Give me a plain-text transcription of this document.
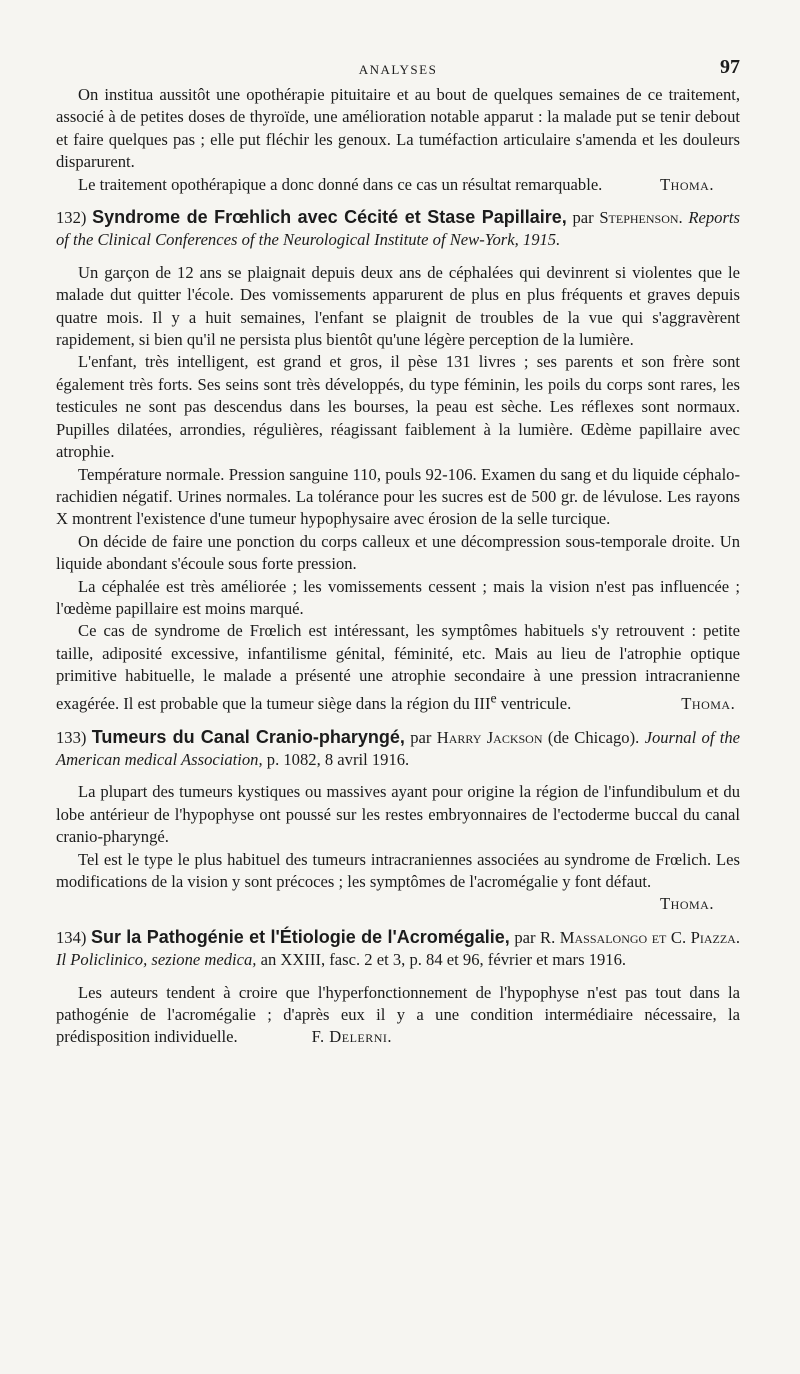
ANALYSES	97

On institua aussitôt une opothérapie pituitaire et au bout de quelques semaines de ce traitement, associé à de petites doses de thyroïde, une amélioration notable apparut : la malade put se tenir debout et faire quelques pas ; elle put fléchir les genoux. La tuméfaction articulaire s'amenda et les douleurs disparurent.

Le traitement opothérapique a donc donné dans ce cas un résultat remarquable.	Thoma.

132) Syndrome de Frœhlich avec Cécité et Stase Papillaire, par Stephenson. Reports of the Clinical Conferences of the Neurological Institute of New-York, 1915.

Un garçon de 12 ans se plaignait depuis deux ans de céphalées qui devinrent si violentes que le malade dut quitter l'école. Des vomissements apparurent de plus en plus fréquents et graves depuis quatre mois. Il y a huit semaines, l'enfant se plaignit de troubles de la vue qui s'aggravèrent rapidement, si bien qu'il ne persista plus bientôt qu'une légère perception de la lumière.

L'enfant, très intelligent, est grand et gros, il pèse 131 livres ; ses parents et son frère sont également très forts. Ses seins sont très développés, du type féminin, les poils du corps sont rares, les testicules ne sont pas descendus dans les bourses, la peau est sèche. Les réflexes sont normaux. Pupilles dilatées, arrondies, régulières, réagissant faiblement à la lumière. Œdème papillaire avec atrophie.

Température normale. Pression sanguine 110, pouls 92-106. Examen du sang et du liquide céphalo-rachidien négatif. Urines normales. La tolérance pour les sucres est de 500 gr. de lévulose. Les rayons X montrent l'existence d'une tumeur hypophysaire avec érosion de la selle turcique.

On décide de faire une ponction du corps calleux et une décompression sous-temporale droite. Un liquide abondant s'écoule sous forte pression.

La céphalée est très améliorée ; les vomissements cessent ; mais la vision n'est pas influencée ; l'œdème papillaire est moins marqué.

Ce cas de syndrome de Frœlich est intéressant, les symptômes habituels s'y retrouvent : petite taille, adiposité excessive, infantilisme génital, féminité, etc. Mais au lieu de l'atrophie optique primitive habituelle, le malade a présenté une atrophie secondaire à une pression intracranienne exagérée. Il est probable que la tumeur siège dans la région du IIIe ventricule.	Thoma.

133) Tumeurs du Canal Cranio-pharyngé, par Harry Jackson (de Chicago). Journal of the American medical Association, p. 1082, 8 avril 1916.

La plupart des tumeurs kystiques ou massives ayant pour origine la région de l'infundibulum et du lobe antérieur de l'hypophyse ont poussé sur les restes embryonnaires de l'ectoderme buccal du canal cranio-pharyngé.

Tel est le type le plus habituel des tumeurs intracraniennes associées au syndrome de Frœlich. Les modifications de la vision y sont précoces ; les symptômes de l'acromégalie y font défaut.
Thoma.

134) Sur la Pathogénie et l'Étiologie de l'Acromégalie, par R. Massalongo et C. Piazza. Il Policlinico, sezione medica, an XXIII, fasc. 2 et 3, p. 84 et 96, février et mars 1916.

Les auteurs tendent à croire que l'hyperfonctionnement de l'hypophyse n'est pas tout dans la pathogénie de l'acromégalie ; d'après eux il y a une condition intermédiaire nécessaire, la prédisposition individuelle.	F. Delerni.
